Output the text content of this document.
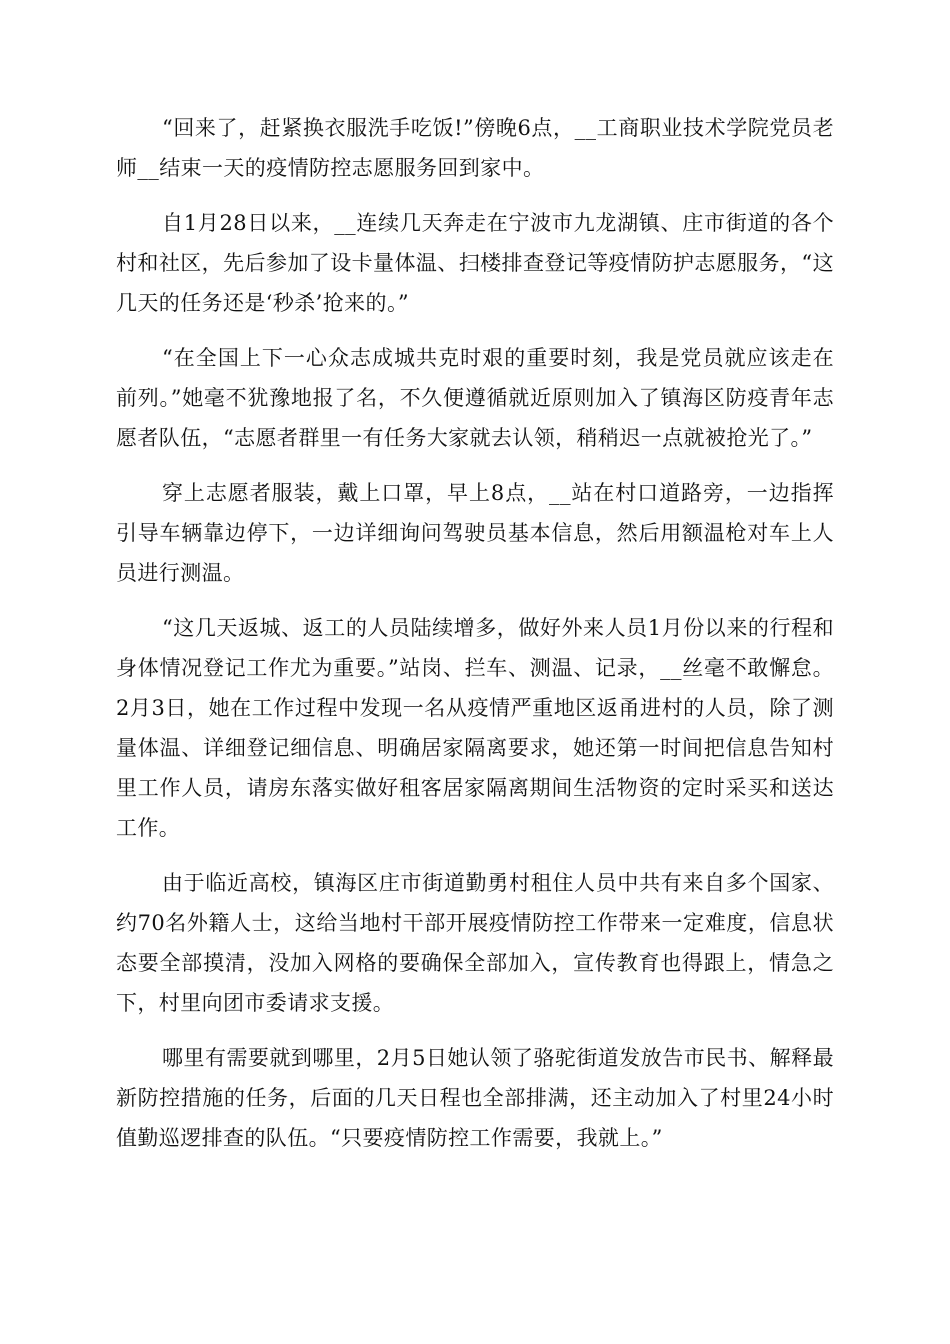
“回来了，赶紧换衣服洗手吃饭!”傍晚6点，__工商职业技术学院党员老师__结束一天的疫情防控志愿服务回到家中。

自1月28日以来，__连续几天奔走在宁波市九龙湖镇、庄市街道的各个村和社区，先后参加了设卡量体温、扫楼排查登记等疫情防护志愿服务，“这几天的任务还是‘秒杀’抢来的。”

“在全国上下一心众志成城共克时艰的重要时刻，我是党员就应该走在前列。”她毫不犹豫地报了名，不久便遵循就近原则加入了镇海区防疫青年志愿者队伍，“志愿者群里一有任务大家就去认领，稍稍迟一点就被抢光了。”

穿上志愿者服装，戴上口罩，早上8点，__站在村口道路旁，一边指挥引导车辆靠边停下，一边详细询问驾驶员基本信息，然后用额温枪对车上人员进行测温。

“这几天返城、返工的人员陆续增多，做好外来人员1月份以来的行程和身体情况登记工作尤为重要。”站岗、拦车、测温、记录，__丝毫不敢懈怠。2月3日，她在工作过程中发现一名从疫情严重地区返甬进村的人员，除了测量体温、详细登记细信息、明确居家隔离要求，她还第一时间把信息告知村里工作人员，请房东落实做好租客居家隔离期间生活物资的定时采买和送达工作。

由于临近高校，镇海区庄市街道勤勇村租住人员中共有来自多个国家、约70名外籍人士，这给当地村干部开展疫情防控工作带来一定难度，信息状态要全部摸清，没加入网格的要确保全部加入，宣传教育也得跟上，情急之下，村里向团市委请求支援。

哪里有需要就到哪里，2月5日她认领了骆驼街道发放告市民书、解释最新防控措施的任务，后面的几天日程也全部排满，还主动加入了村里24小时值勤巡逻排查的队伍。“只要疫情防控工作需要，我就上。”
